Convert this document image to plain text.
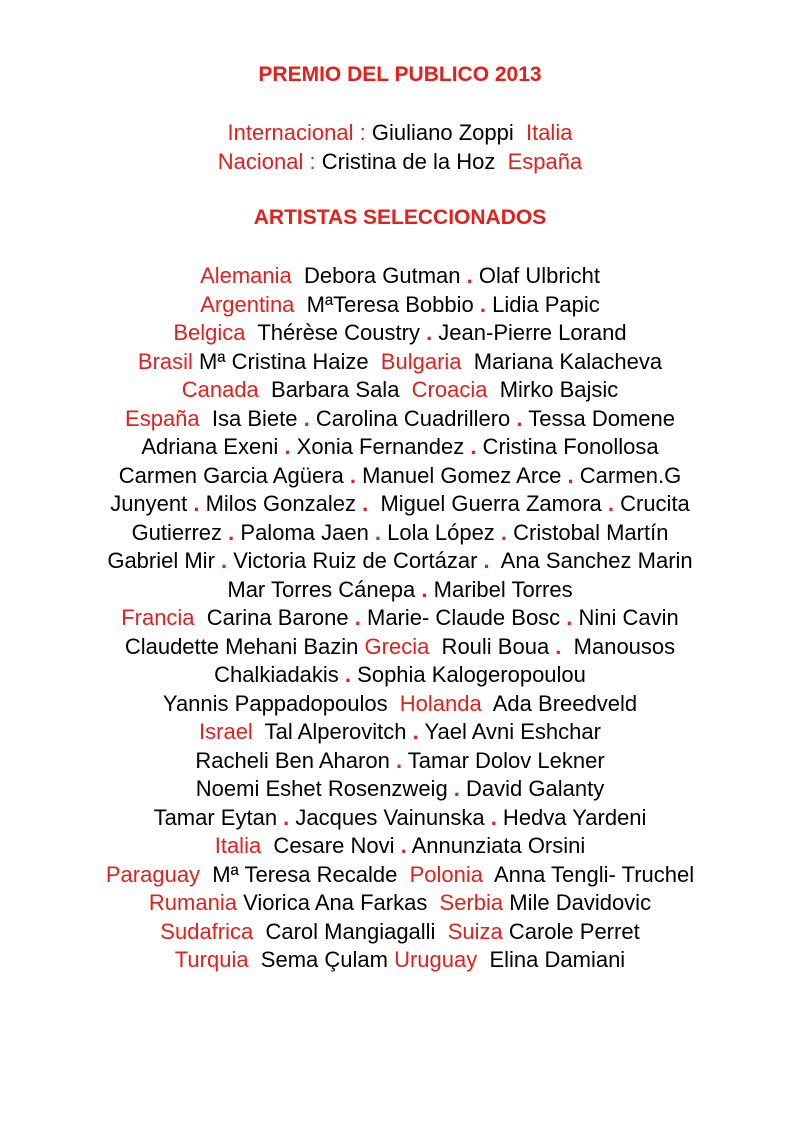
PREMIO DEL PUBLICO 2013
Internacional : Giuliano Zoppi Italia
Nacional : Cristina de la Hoz España
ARTISTAS SELECCIONADOS
Alemania  Debora Gutman . Olaf Ulbricht
Argentina  MªTeresa Bobbio . Lidia Papic
Belgica  Thérèse Coustry . Jean-Pierre Lorand
Brasil Mª Cristina Haize  Bulgaria  Mariana Kalacheva
Canada  Barbara Sala  Croacia  Mirko Bajsic
España  Isa Biete . Carolina Cuadrillero . Tessa Domene
Adriana Exeni . Xonia Fernandez . Cristina Fonollosa
Carmen Garcia Agüera . Manuel Gomez Arce . Carmen.G
Junyent . Milos Gonzalez .  Miguel Guerra Zamora . Crucita
Gutierrez . Paloma Jaen . Lola López . Cristobal Martín
Gabriel Mir . Victoria Ruiz de Cortázar .  Ana Sanchez Marin
Mar Torres Cánepa . Maribel Torres
Francia  Carina Barone . Marie- Claude Bosc . Nini Cavin
Claudette Mehani Bazin Grecia  Rouli Boua .  Manousos
Chalkiadakis . Sophia Kalogeropoulou
Yannis Pappadopoulos  Holanda  Ada Breedveld
Israel  Tal Alperovitch . Yael Avni Eshchar
Racheli Ben Aharon . Tamar Dolov Lekner
Noemi Eshet Rosenzweig . David Galanty
Tamar Eytan . Jacques Vainunska . Hedva Yardeni
Italia  Cesare Novi . Annunziata Orsini
Paraguay  Mª Teresa Recalde  Polonia  Anna Tengli- Truchel
Rumania Viorica Ana Farkas  Serbia Mile Davidovic
Sudafrica  Carol Mangiagalli  Suiza Carole Perret
Turquia  Sema Çulam Uruguay  Elina Damiani
